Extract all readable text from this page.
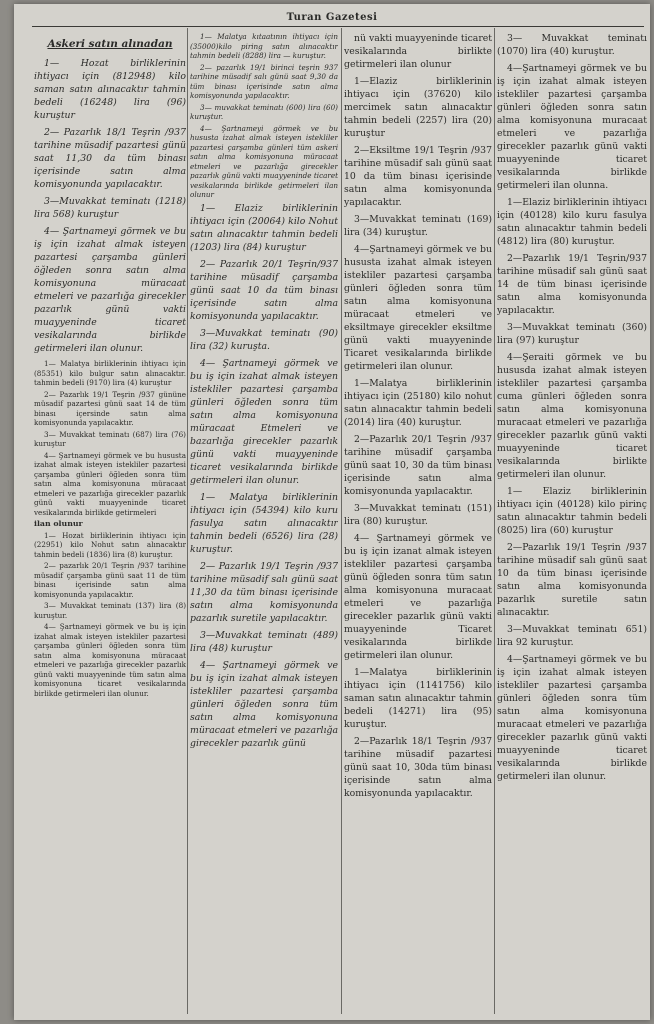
Turan Gazetesi
Askeri satın alınadan

1— Hozat birliklerinin ihtiyacı için (812948) kilo saman satın alınacaktır tahmin bedeli (16248) lira (96) kuruştur

2— Pazarlık 18/1 Teşrin /937 tarihine müsadif pazartesi günü saat 11,30 da tüm binası içerisinde satın alma komisyonunda yapılacaktır.

3—Muvakkat teminatı (1218) lira 568) kuruştur

4— Şartnameyi görmek ve bu iş için izahat almak isteyen pazartesi çarşamba günleri öğleden sonra satın alma komisyonuna müracaat etmeleri ve pazarlığa girecekler pazarlık günü vakti muayyeninde ticaret vesikalarında birlikde getirmeleri ilan olunur.

1— Malatya birliklerinin ihtiyacı için (85351) kilo bulgur satın alınacaktır. tahmin bedeli (9170) lira (4) kuruştur

2— Pazarlık 19/1 Teşrin /937 gününe müsadif pazartesi günü saat 14 de tüm binası içersinde satın alma komisyonunda yapılacaktır.

3— Muvakkat teminatı (687) lira (76) kuruştur

4— Şartnameyi görmek ve bu hususta izahat almak isteyen istekliler pazartesi çarşamba günleri öğleden sonra tüm satın alma komisyonuna müracaat etmeleri ve pazarlığa girecekler pazarlık günü vakti muayyeninde ticaret vesikalarında birlikde getirmeleri

ilan olunur

1— Hozat birliklerinin ihtiyacı için (22951) kilo Nohut satın alınacaktır tahmin bedeli (1836) lira (8) kuruştur.

2— pazarlık 20/1 Teşrin /937 tarihine müsadif çarşamba günü saat 11 de tüm binası içerisinde satın alma komisyonunda yapılacaktır.

3— Muvakkat teminatı (137) lira (8) kuruştur.

4— Şartnameyi görmek ve bu iş için izahat almak isteyen istekliler pazartesi çarşamba günleri öğleden sonra tüm satın alma komisyonuna müracaat etmeleri ve pazarlığa girecekler pazarlık günü vakti muayyeninde tüm satın alma komisyonuna ticaret vesikalarında birlikde getirmeleri ilan olunur.

1— Malatya kıtaatının ihtiyacı için (35000)kilo piring satın alınacaktır tahmin bedeli (8288) lira — kuruştur.

2— pazarlık 19/1 birinci teşrin 937 tarihine müsadif salı günü saat 9,30 da tüm binası içerisinde satın alma komisyonunda yapılacaktır.

3— muvakkat teminatı (600) lira (60) kuruştur.

4— Şartnameyi görmek ve bu hususta izahat almak isteyen istekliler pazartesi çarşamba günleri tüm askeri satın alma komisyonuna müracaat etmeleri ve pazarlığa girecekler pazarlık günü vakti muayyeninde ticaret vesikalarında birlikde getirmeleri ilan olunur

1— Elaziz birliklerinin ihtiyacı için (20064) kilo Nohut satın alınacaktır tahmin bedeli (1203) lira (84) kuruştur

2— Pazarlık 20/1 Teşrin/937 tarihine müsadif çarşamba günü saat 10 da tüm binası içerisinde satın alma komisyonunda yapılacaktır.

3—Muvakkat teminatı (90) lira (32) kuruşta.

4— Şartnameyi görmek ve bu iş için izahat almak isteyen istekliler pazartesi çarşamba günleri öğleden sonra tüm satın alma komisyonuna müracaat Etmeleri ve bazarlığa girecekler pazarlık günü vakti muayyeninde ticaret vesikalarında birlikde getirmeleri ilan olunur.

1— Malatya birliklerinin ihtiyacı için (54394) kilo kuru fasulya satın alınacaktır tahmin bedeli (6526) lira (28) kuruştur.

2— Pazarlık 19/1 Teşrin /937 tarihine müsadif salı günü saat 11,30 da tüm binası içerisinde satın alma komisyonunda pazarlık suretile yapılacaktır.

3—Muvakkat teminatı (489) lira (48) kuruştur

4— Şartnameyi görmek ve bu iş için izahat almak isteyen istekliler pazartesi çarşamba günleri öğleden sonra tüm satın alma komisyonuna müracaat etmeleri ve pazarlığa girecekler pazarlık günü

nü vakti muayyeninde ticaret vesikalarında birlikte getirmeleri ilan olunur

1—Elaziz birliklerinin ihtiyacı için (37620) kilo mercimek satın alınacaktır tahmin bedeli (2257) lira (20) kuruştur

2—Eksiltme 19/1 Teşrin /937 tarihine müsadif salı günü saat 10 da tüm binası içerisinde satın alma komisyonunda yapılacaktır.

3—Muvakkat teminatı (169) lira (34) kuruştur.

4—Şartnameyi görmek ve bu hususta izahat almak isteyen istekliler pazartesi çarşamba günleri öğleden sonra tüm satın alma komisyonuna müracaat etmeleri ve eksiltmaye girecekler eksiltme günü vakti muayyeninde Ticaret vesikalarında birlikde getirmeleri ilan olunur.

1—Malatya birliklerinin ihtiyacı için (25180) kilo nohut satın alınacaktır tahmin bedeli (2014) lira (40) kuruştur.

2—Pazarlık 20/1 Teşrin /937 tarihine müsadif çarşamba günü saat 10, 30 da tüm binası içerisinde satın alma komisyonunda yapılacaktır.

3—Muvakkat teminatı (151) lira (80) kuruştur.

4— Şartnameyi görmek ve bu iş için izanat almak isteyen istekliler pazartesi çarşamba günü öğleden sonra tüm satın alma komisyonuna muracaat etmeleri ve pazarlığa girecekler pazarlık günü vakti muayyeninde Ticaret vesikalarında birlikde getirmeleri ilan olunur.

1—Malatya birliklerinin ihtiyacı için (1141756) kilo saman satın alınacaktır tahmin bedeli (14271) lira (95) kuruştur.

2—Pazarlık 18/1 Teşrin /937 tarihine müsadif pazartesi günü saat 10, 30da tüm binası içerisinde satın alma komisyonunda yapılacaktır.

3— Muvakkat teminatı (1070) lira (40) kuruştur.

4—Şartnameyi görmek ve bu iş için izahat almak isteyen istekliler pazartesi çarşamba günleri öğleden sonra satın alma komisyonuna muracaat etmeleri ve pazarlığa girecekler pazarlık günü vakti muayyeninde ticaret vesikalarında birlikde getirmeleri ilan olunna.

1—Elaziz birliklerinin ihtiyacı için (40128) kilo kuru fasulya satın alınacaktır tahmin bedeli (4812) lira (80) kuruştur.

2—Pazarlık 19/1 Teşrin/937 tarihine müsadif salı günü saat 14 de tüm binası içerisinde satın alma komisyonunda yapılacaktır.

3—Muvakkat teminatı (360) lira (97) kuruştur

4—Şeraiti görmek ve bu hususda izahat almak isteyen istekliler pazartesi çarşamba cuma günleri öğleden sonra satın alma komisyonuna muracaat etmeleri ve pazarlığa girecekler pazarlık günü vakti muayyeninde ticaret vesikalarında birlikte getirmeleri ilan olunur.

1— Elaziz birliklerinin ihtiyacı için (40128) kilo pirinç satın alınacaktır tahmin bedeli (8025) lira (60) kuruştur

2—Pazarlık 19/1 Teşrin /937 tarihine müsadif salı günü saat 10 da tüm binası içerisinde satın alma komisyonunda pazarlık suretile satın alınacaktır.

3—Muvakkat teminatı 651) lira 92 kuruştur.

4—Şartnameyi görmek ve bu iş için izahat almak isteyen istekliler pazartesi çarşamba günleri öğleden sonra tüm satın alma komisyonuna muracaat etmeleri ve pazarlığa girecekler pazarlık günü vakti muayyeninde ticaret vesikalarında birlikde getirmeleri ilan olunur.
